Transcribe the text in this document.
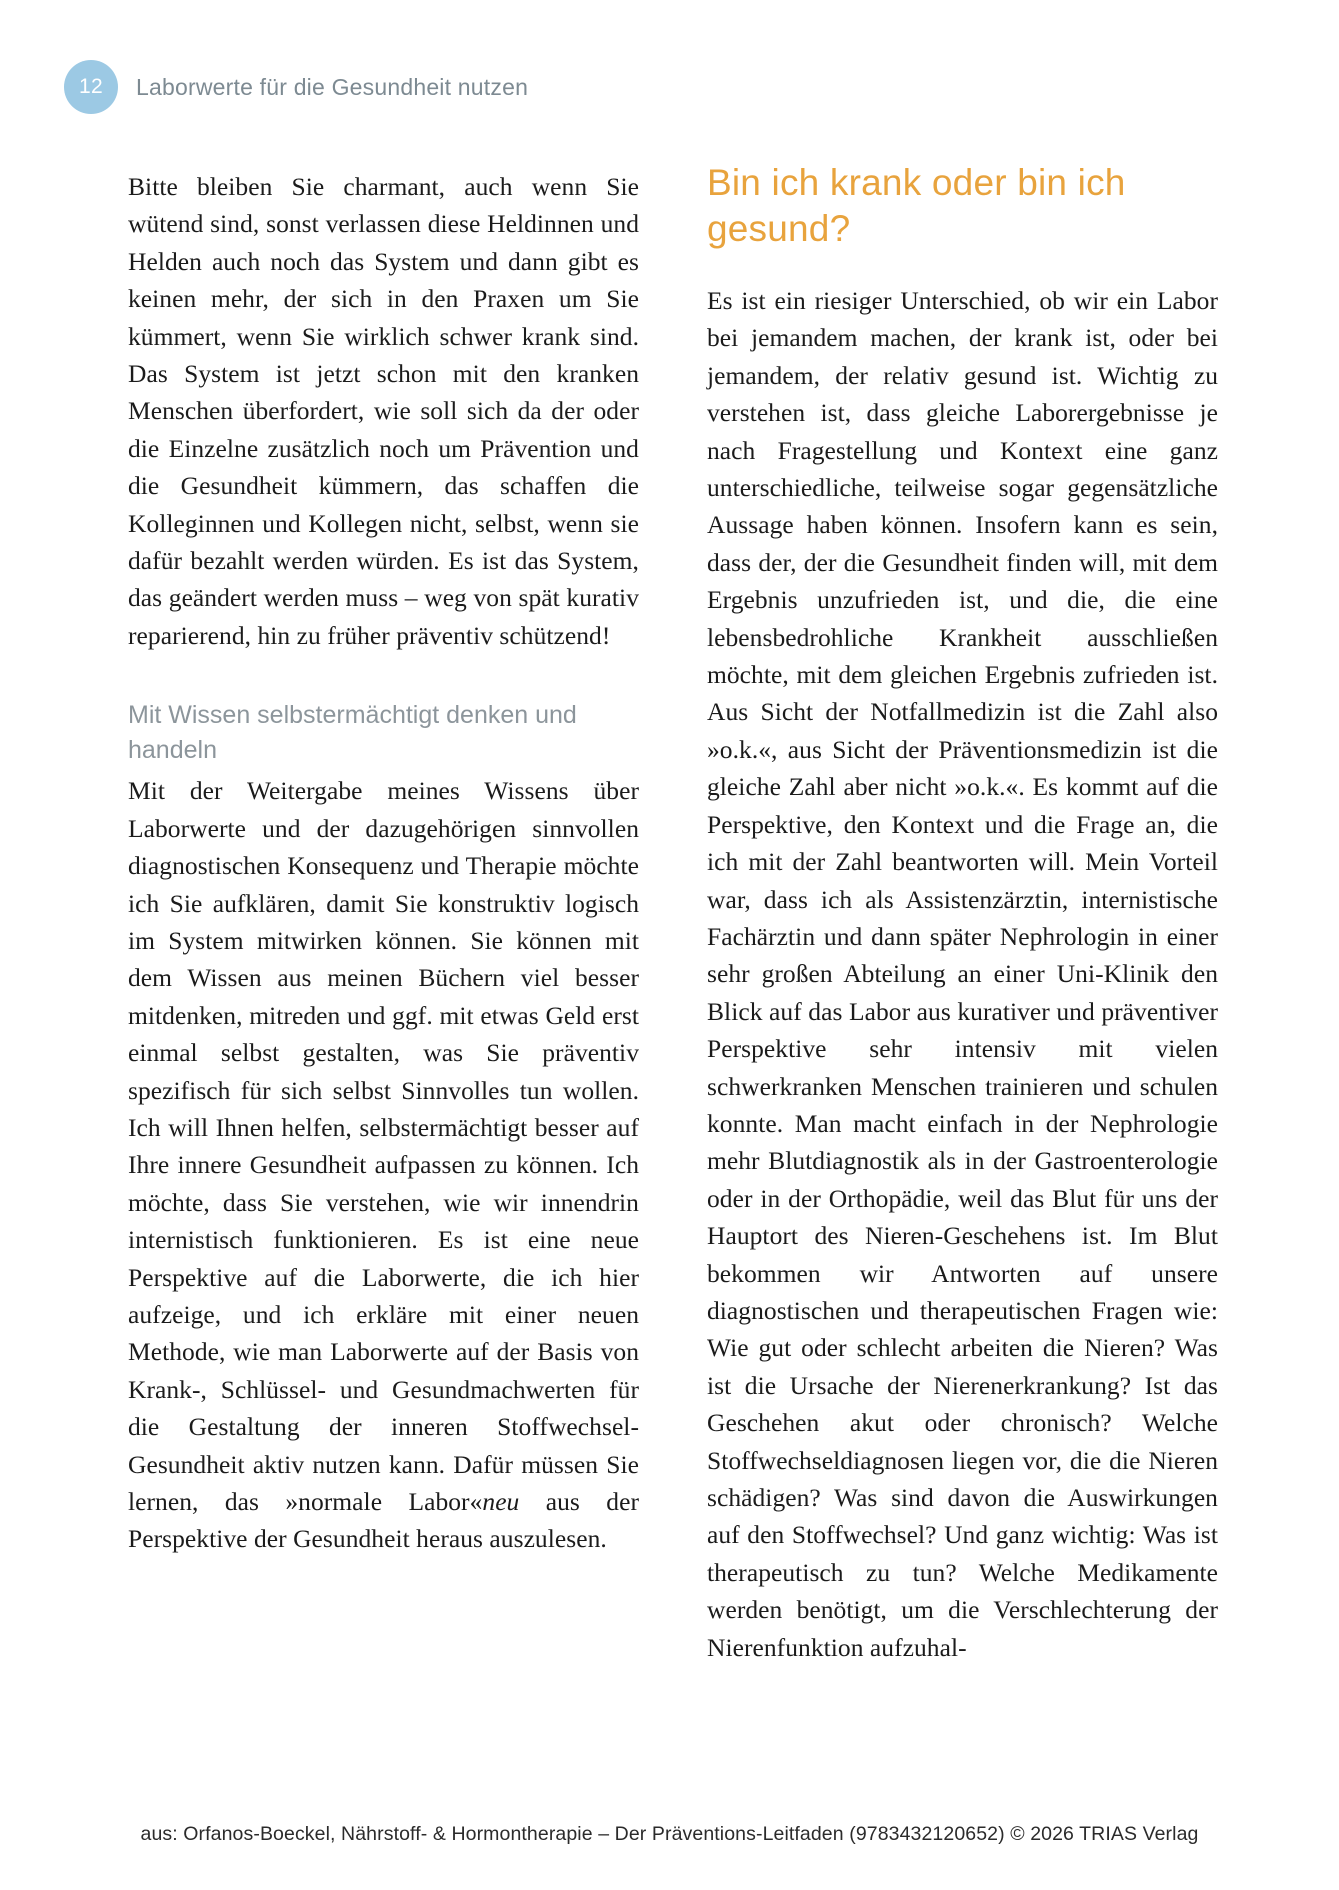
12	Laborwerte für die Gesundheit nutzen

Bitte bleiben Sie charmant, auch wenn Sie wütend sind, sonst verlassen diese Heldinnen und Helden auch noch das System und dann gibt es keinen mehr, der sich in den Praxen um Sie kümmert, wenn Sie wirklich schwer krank sind. Das System ist jetzt schon mit den kranken Menschen überfordert, wie soll sich da der oder die Einzelne zusätzlich noch um Prävention und die Gesundheit kümmern, das schaffen die Kolleginnen und Kollegen nicht, selbst, wenn sie dafür bezahlt werden würden. Es ist das System, das geändert werden muss – weg von spät kurativ reparierend, hin zu früher präventiv schützend!

Mit Wissen selbstermächtigt denken und handeln

Mit der Weitergabe meines Wissens über Laborwerte und der dazugehörigen sinnvollen diagnostischen Konsequenz und Therapie möchte ich Sie aufklären, damit Sie konstruktiv logisch im System mitwirken können. Sie können mit dem Wissen aus meinen Büchern viel besser mitdenken, mitreden und ggf. mit etwas Geld erst einmal selbst gestalten, was Sie präventiv spezifisch für sich selbst Sinnvolles tun wollen. Ich will Ihnen helfen, selbstermächtigt besser auf Ihre innere Gesundheit aufpassen zu können. Ich möchte, dass Sie verstehen, wie wir innendrin internistisch funktionieren. Es ist eine neue Perspektive auf die Laborwerte, die ich hier aufzeige, und ich erkläre mit einer neuen Methode, wie man Laborwerte auf der Basis von Krank-, Schlüssel- und Gesundmachwerten für die Gestaltung der inneren Stoffwechsel-Gesundheit aktiv nutzen kann. Dafür müssen Sie lernen, das »normale Labor«neu aus der Perspektive der Gesundheit heraus auszulesen.

Bin ich krank oder bin ich gesund?

Es ist ein riesiger Unterschied, ob wir ein Labor bei jemandem machen, der krank ist, oder bei jemandem, der relativ gesund ist. Wichtig zu verstehen ist, dass gleiche Laborergebnisse je nach Fragestellung und Kontext eine ganz unterschiedliche, teilweise sogar gegensätzliche Aussage haben können. Insofern kann es sein, dass der, der die Gesundheit finden will, mit dem Ergebnis unzufrieden ist, und die, die eine lebensbedrohliche Krankheit ausschließen möchte, mit dem gleichen Ergebnis zufrieden ist. Aus Sicht der Notfallmedizin ist die Zahl also »o.k.«, aus Sicht der Präventionsmedizin ist die gleiche Zahl aber nicht »o.k.«. Es kommt auf die Perspektive, den Kontext und die Frage an, die ich mit der Zahl beantworten will. Mein Vorteil war, dass ich als Assistenzärztin, internistische Fachärztin und dann später Nephrologin in einer sehr großen Abteilung an einer Uni-Klinik den Blick auf das Labor aus kurativer und präventiver Perspektive sehr intensiv mit vielen schwerkranken Menschen trainieren und schulen konnte. Man macht einfach in der Nephrologie mehr Blutdiagnostik als in der Gastroenterologie oder in der Orthopädie, weil das Blut für uns der Hauptort des Nieren-Geschehens ist. Im Blut bekommen wir Antworten auf unsere diagnostischen und therapeutischen Fragen wie: Wie gut oder schlecht arbeiten die Nieren? Was ist die Ursache der Nierenerkrankung? Ist das Geschehen akut oder chronisch? Welche Stoffwechseldiagnosen liegen vor, die die Nieren schädigen? Was sind davon die Auswirkungen auf den Stoffwechsel? Und ganz wichtig: Was ist therapeutisch zu tun? Welche Medikamente werden benötigt, um die Verschlechterung der Nierenfunktion aufzuhal-

aus: Orfanos-Boeckel, Nährstoff- & Hormontherapie – Der Präventions-Leitfaden (9783432120652) © 2026 TRIAS Verlag
